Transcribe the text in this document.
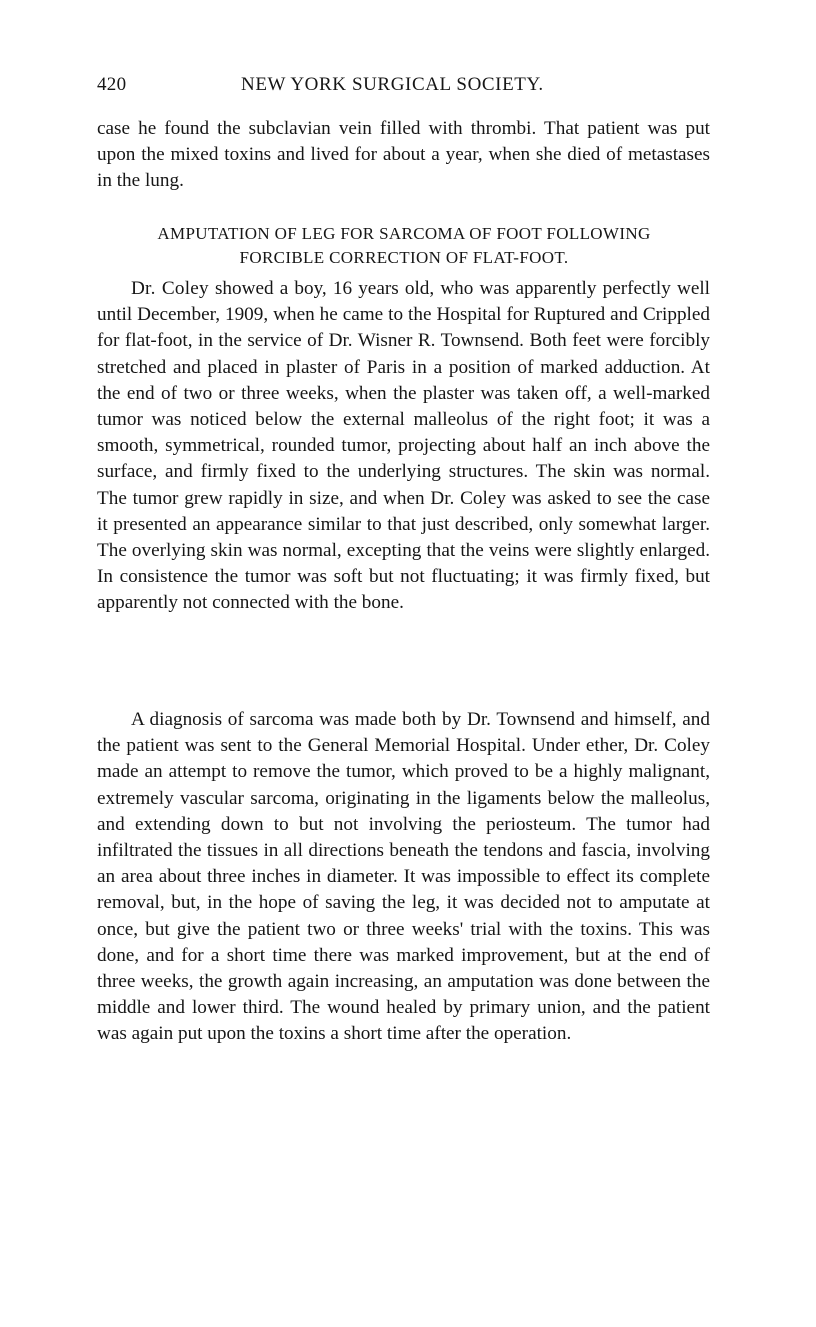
420	NEW YORK SURGICAL SOCIETY.

case he found the subclavian vein filled with thrombi. That patient was put upon the mixed toxins and lived for about a year, when she died of metastases in the lung.

AMPUTATION OF LEG FOR SARCOMA OF FOOT FOLLOWING
FORCIBLE CORRECTION OF FLAT-FOOT.

Dr. Coley showed a boy, 16 years old, who was apparently perfectly well until December, 1909, when he came to the Hospital for Ruptured and Crippled for flat-foot, in the service of Dr. Wisner R. Townsend. Both feet were forcibly stretched and placed in plaster of Paris in a position of marked adduction. At the end of two or three weeks, when the plaster was taken off, a well-marked tumor was noticed below the external malleolus of the right foot; it was a smooth, symmetrical, rounded tumor, projecting about half an inch above the surface, and firmly fixed to the underlying structures. The skin was normal. The tumor grew rapidly in size, and when Dr. Coley was asked to see the case it presented an appearance similar to that just described, only somewhat larger. The overlying skin was normal, excepting that the veins were slightly enlarged. In consistence the tumor was soft but not fluctuating; it was firmly fixed, but apparently not connected with the bone.

A diagnosis of sarcoma was made both by Dr. Townsend and himself, and the patient was sent to the General Memorial Hospital. Under ether, Dr. Coley made an attempt to remove the tumor, which proved to be a highly malignant, extremely vascular sarcoma, originating in the ligaments below the malleolus, and extending down to but not involving the periosteum. The tumor had infiltrated the tissues in all directions beneath the tendons and fascia, involving an area about three inches in diameter. It was impossible to effect its complete removal, but, in the hope of saving the leg, it was decided not to amputate at once, but give the patient two or three weeks' trial with the toxins. This was done, and for a short time there was marked improvement, but at the end of three weeks, the growth again increasing, an amputation was done between the middle and lower third. The wound healed by primary union, and the patient was again put upon the toxins a short time after the operation.
